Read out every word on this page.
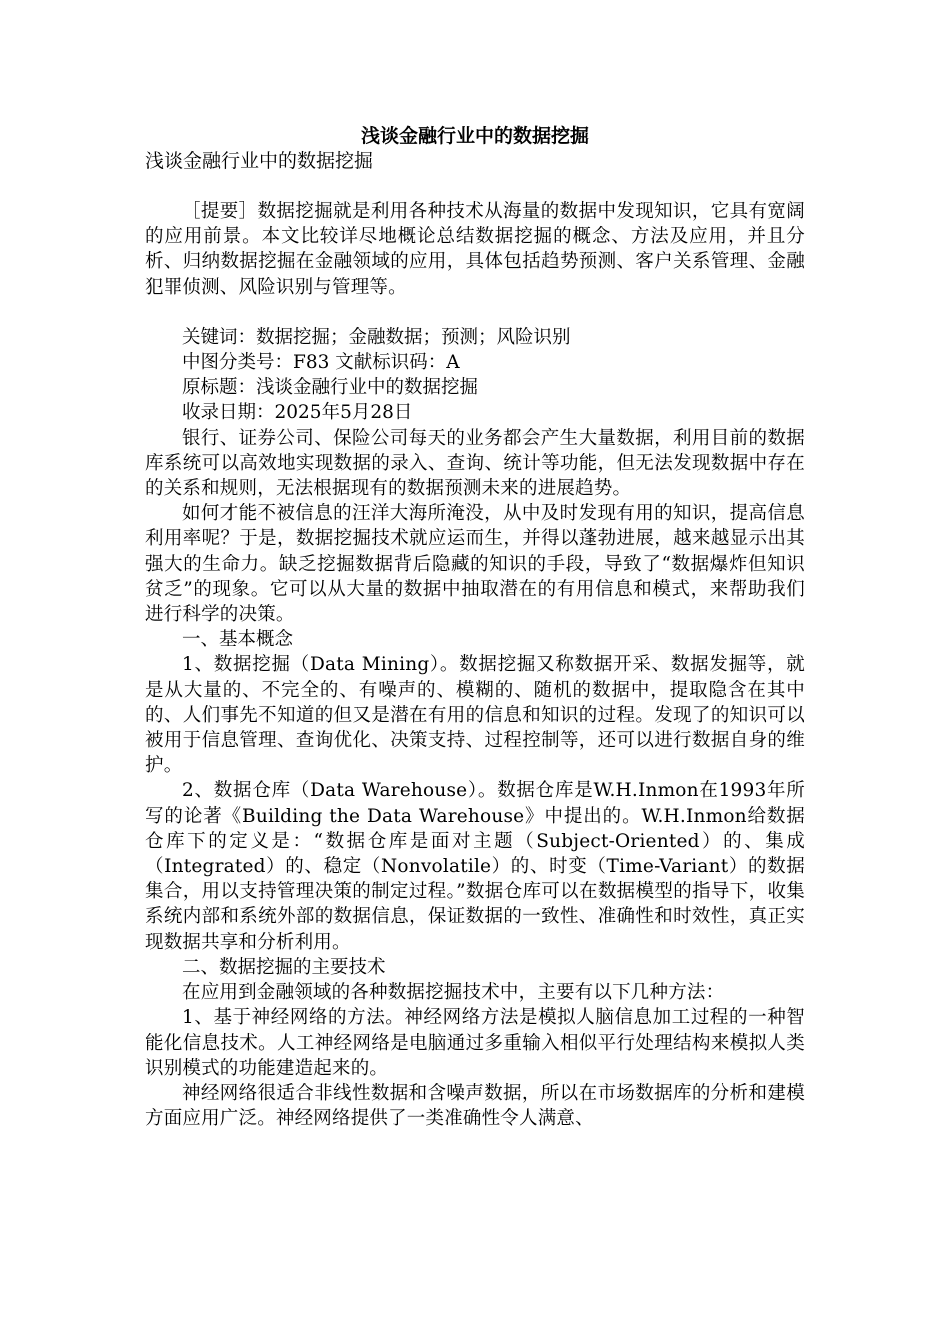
浅谈金融行业中的数据挖掘
浅谈金融行业中的数据挖掘

［提要］数据挖掘就是利用各种技术从海量的数据中发现知识，它具有宽阔的应用前景。本文比较详尽地概论总结数据挖掘的概念、方法及应用，并且分析、归纳数据挖掘在金融领域的应用，具体包括趋势预测、客户关系管理、金融犯罪侦测、风险识别与管理等。

关键词：数据挖掘；金融数据；预测；风险识别

中图分类号：F83 文献标识码：A

原标题：浅谈金融行业中的数据挖掘

收录日期：2025年5月28日

银行、证券公司、保险公司每天的业务都会产生大量数据，利用目前的数据库系统可以高效地实现数据的录入、查询、统计等功能，但无法发现数据中存在的关系和规则，无法根据现有的数据预测未来的进展趋势。

如何才能不被信息的汪洋大海所淹没，从中及时发现有用的知识，提高信息利用率呢？于是，数据挖掘技术就应运而生，并得以蓬勃进展，越来越显示出其强大的生命力。缺乏挖掘数据背后隐藏的知识的手段，导致了“数据爆炸但知识贫乏”的现象。它可以从大量的数据中抽取潜在的有用信息和模式，来帮助我们进行科学的决策。

一、基本概念

1、数据挖掘（Data Mining）。数据挖掘又称数据开采、数据发掘等，就是从大量的、不完全的、有噪声的、模糊的、随机的数据中，提取隐含在其中的、人们事先不知道的但又是潜在有用的信息和知识的过程。发现了的知识可以被用于信息管理、查询优化、决策支持、过程控制等，还可以进行数据自身的维护。

2、数据仓库（Data Warehouse）。数据仓库是W.H.Inmon在1993年所写的论著《Building the Data Warehouse》中提出的。W.H.Inmon给数据仓库下的定义是：“数据仓库是面对主题（Subject-Oriented）的、集成（Integrated）的、稳定（Nonvolatile）的、时变（Time-Variant）的数据集合，用以支持管理决策的制定过程。”数据仓库可以在数据模型的指导下，收集系统内部和系统外部的数据信息，保证数据的一致性、准确性和时效性，真正实现数据共享和分析利用。

二、数据挖掘的主要技术

在应用到金融领域的各种数据挖掘技术中，主要有以下几种方法：

1、基于神经网络的方法。神经网络方法是模拟人脑信息加工过程的一种智能化信息技术。人工神经网络是电脑通过多重输入相似平行处理结构来模拟人类识别模式的功能建造起来的。

神经网络很适合非线性数据和含噪声数据，所以在市场数据库的分析和建模方面应用广泛。神经网络提供了一类准确性令人满意、
